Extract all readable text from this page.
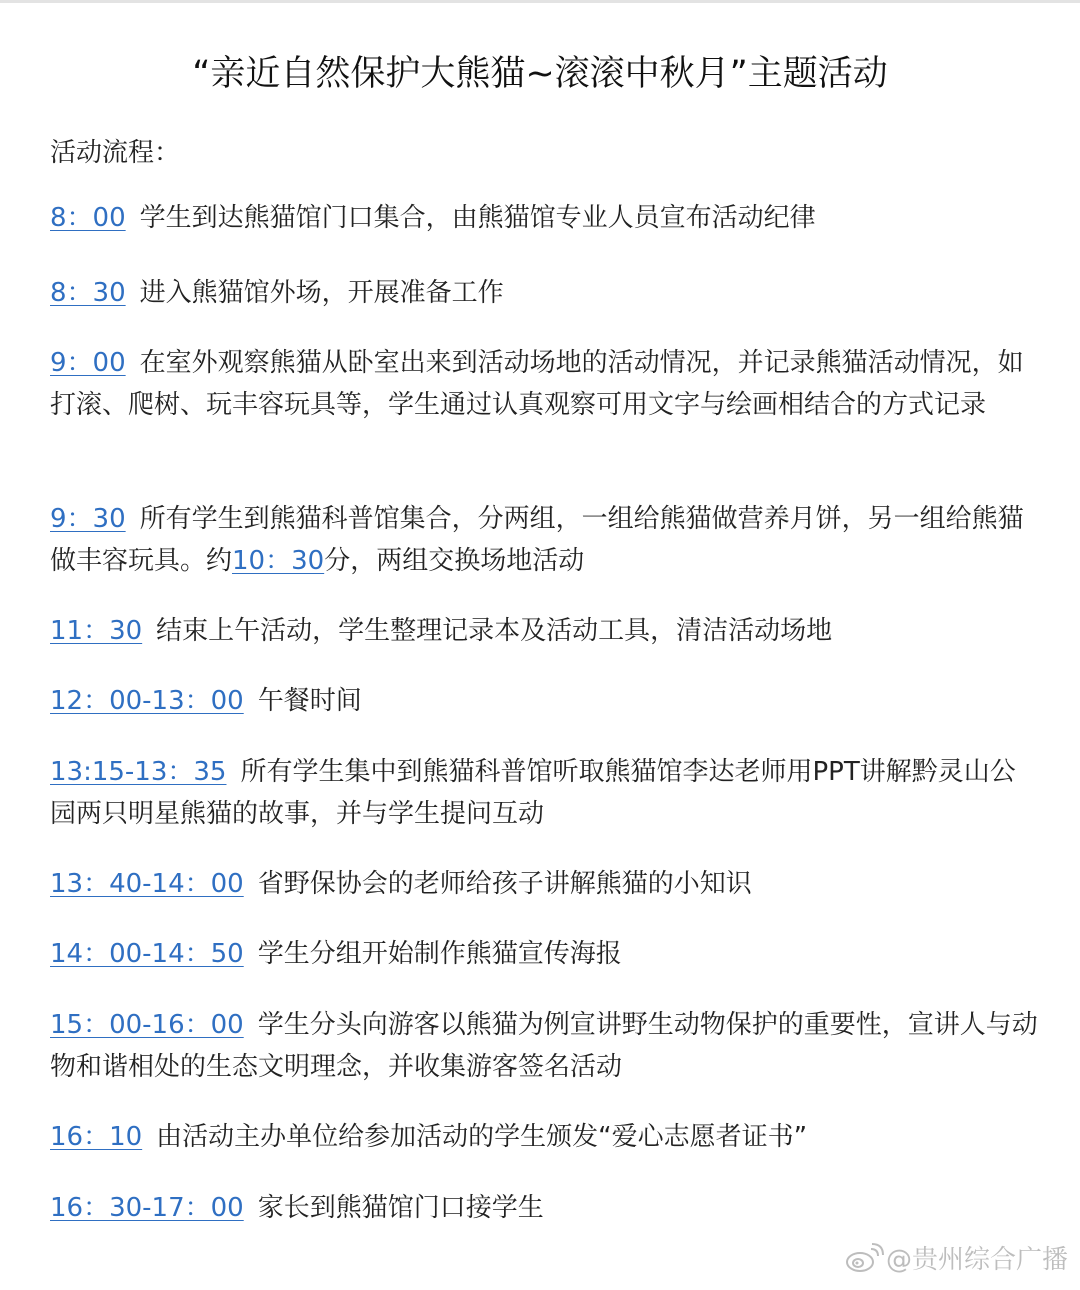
“亲近自然保护大熊猫~滚滚中秋月”主题活动
活动流程：
8：00 学生到达熊猫馆门口集合，由熊猫馆专业人员宣布活动纪律
8：30 进入熊猫馆外场，开展准备工作
9：00 在室外观察熊猫从卧室出来到活动场地的活动情况，并记录熊猫活动情况，如打滚、爬树、玩丰容玩具等，学生通过认真观察可用文字与绘画相结合的方式记录
9：30 所有学生到熊猫科普馆集合，分两组，一组给熊猫做营养月饼，另一组给熊猫做丰容玩具。约10：30分，两组交换场地活动
11：30 结束上午活动，学生整理记录本及活动工具，清洁活动场地
12：00-13：00 午餐时间
13:15-13：35 所有学生集中到熊猫科普馆听取熊猫馆李达老师用PPT讲解黔灵山公园两只明星熊猫的故事，并与学生提问互动
13：40-14：00 省野保协会的老师给孩子讲解熊猫的小知识
14：00-14：50 学生分组开始制作熊猫宣传海报
15：00-16：00 学生分头向游客以熊猫为例宣讲野生动物保护的重要性，宣讲人与动物和谐相处的生态文明理念，并收集游客签名活动
16：10 由活动主办单位给参加活动的学生颁发“爱心志愿者证书”
16：30-17：00 家长到熊猫馆门口接学生
@贵州综合广播
